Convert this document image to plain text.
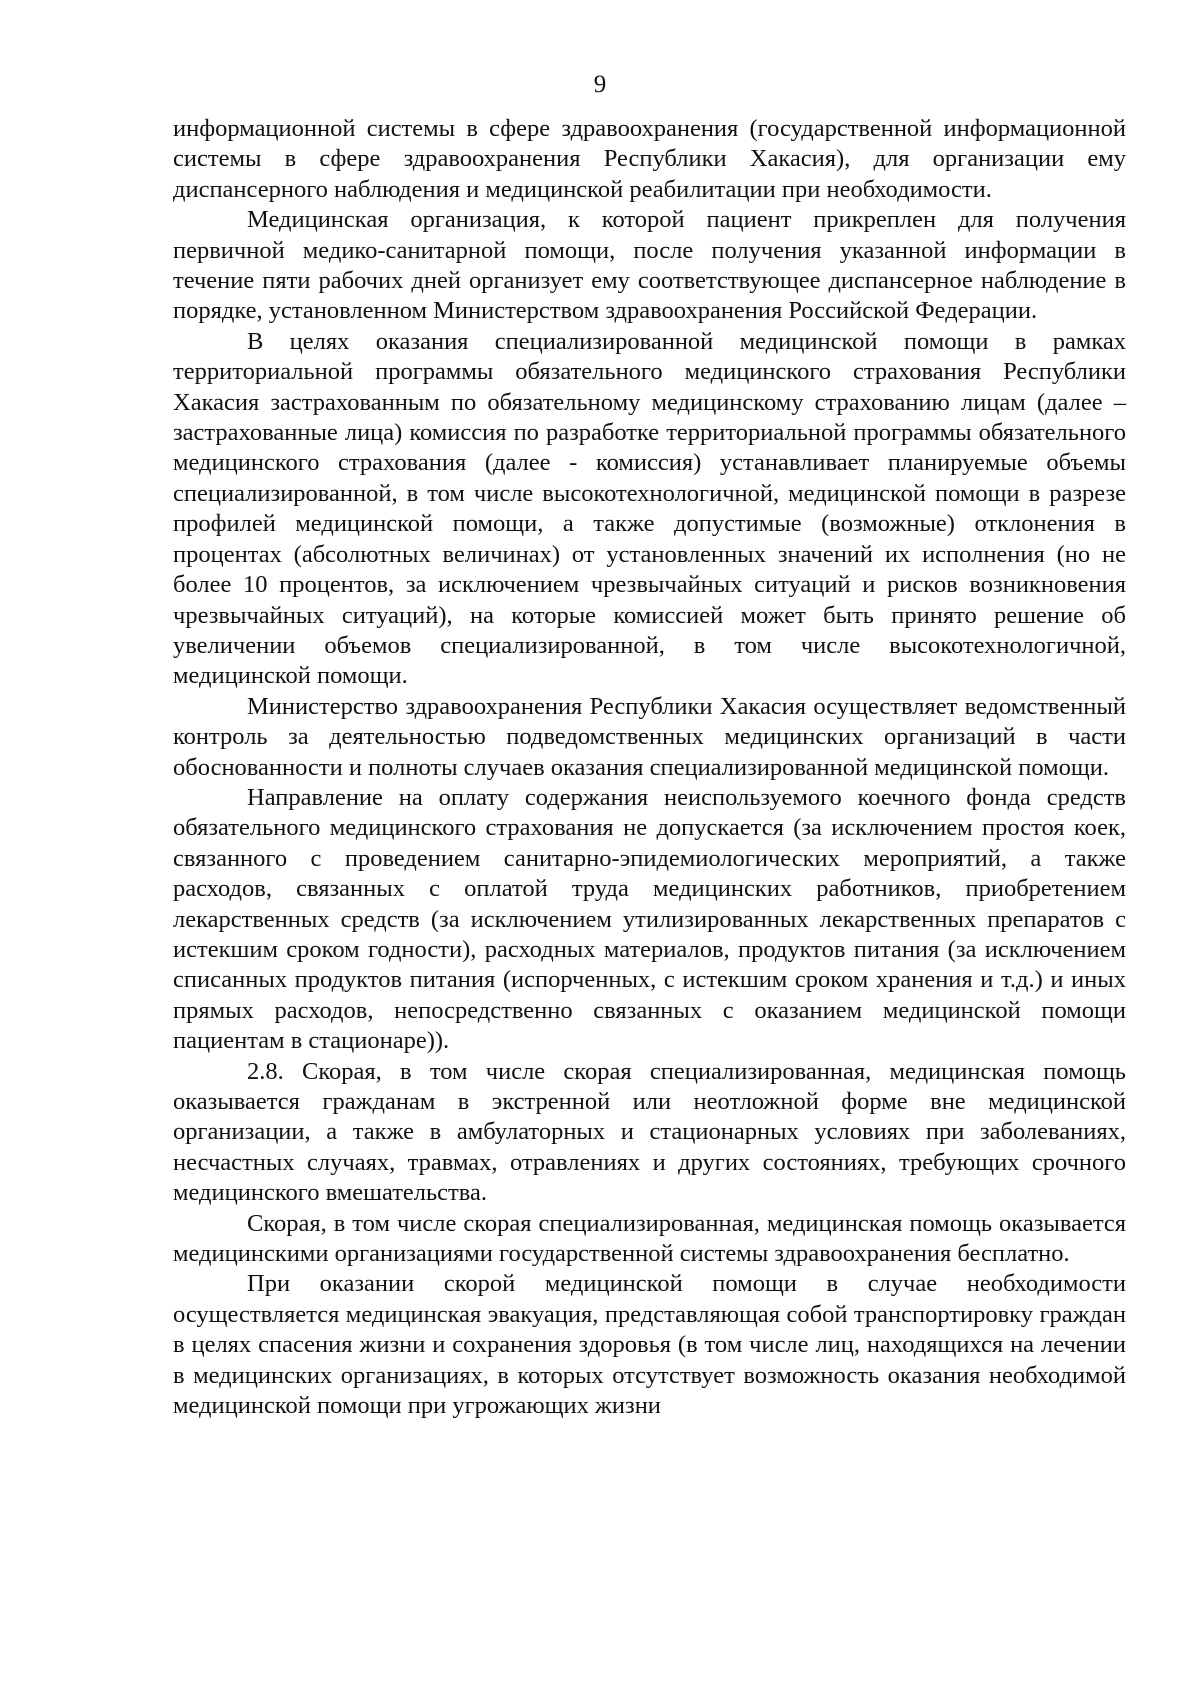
9

информационной системы в сфере здравоохранения (государственной информационной системы в сфере здравоохранения Республики Хакасия), для организации ему диспансерного наблюдения и медицинской реабилитации при необходимости.

Медицинская организация, к которой пациент прикреплен для получения первичной медико-санитарной помощи, после получения указанной информации в течение пяти рабочих дней организует ему соответствующее диспансерное наблюдение в порядке, установленном Министерством здравоохранения Российской Федерации.

В целях оказания специализированной медицинской помощи в рамках территориальной программы обязательного медицинского страхования Республики Хакасия застрахованным по обязательному медицинскому страхованию лицам (далее – застрахованные лица) комиссия по разработке территориальной программы обязательного медицинского страхования (далее - комиссия) устанавливает планируемые объемы специализированной, в том числе высокотехнологичной, медицинской помощи в разрезе профилей медицинской помощи, а также допустимые (возможные) отклонения в процентах (абсолютных величинах) от установленных значений их исполнения (но не более 10 процентов, за исключением чрезвычайных ситуаций и рисков возникновения чрезвычайных ситуаций), на которые комиссией может быть принято решение об увеличении объемов специализированной, в том числе высокотехнологичной, медицинской помощи.

Министерство здравоохранения Республики Хакасия осуществляет ведомственный контроль за деятельностью подведомственных медицинских организаций в части обоснованности и полноты случаев оказания специализированной медицинской помощи.

Направление на оплату содержания неиспользуемого коечного фонда средств обязательного медицинского страхования не допускается (за исключением простоя коек, связанного с проведением санитарно-эпидемиологических мероприятий, а также расходов, связанных с оплатой труда медицинских работников, приобретением лекарственных средств (за исключением утилизированных лекарственных препаратов с истекшим сроком годности), расходных материалов, продуктов питания (за исключением списанных продуктов питания (испорченных, с истекшим сроком хранения и т.д.) и иных прямых расходов, непосредственно связанных с оказанием медицинской помощи пациентам в стационаре)).

2.8. Скорая, в том числе скорая специализированная, медицинская помощь оказывается гражданам в экстренной или неотложной форме вне медицинской организации, а также в амбулаторных и стационарных условиях при заболеваниях, несчастных случаях, травмах, отравлениях и других состояниях, требующих срочного медицинского вмешательства.

Скорая, в том числе скорая специализированная, медицинская помощь оказывается медицинскими организациями государственной системы здравоохранения бесплатно.

При оказании скорой медицинской помощи в случае необходимости осуществляется медицинская эвакуация, представляющая собой транспортировку граждан в целях спасения жизни и сохранения здоровья (в том числе лиц, находящихся на лечении в медицинских организациях, в которых отсутствует возможность оказания необходимой медицинской помощи при угрожающих жизни
